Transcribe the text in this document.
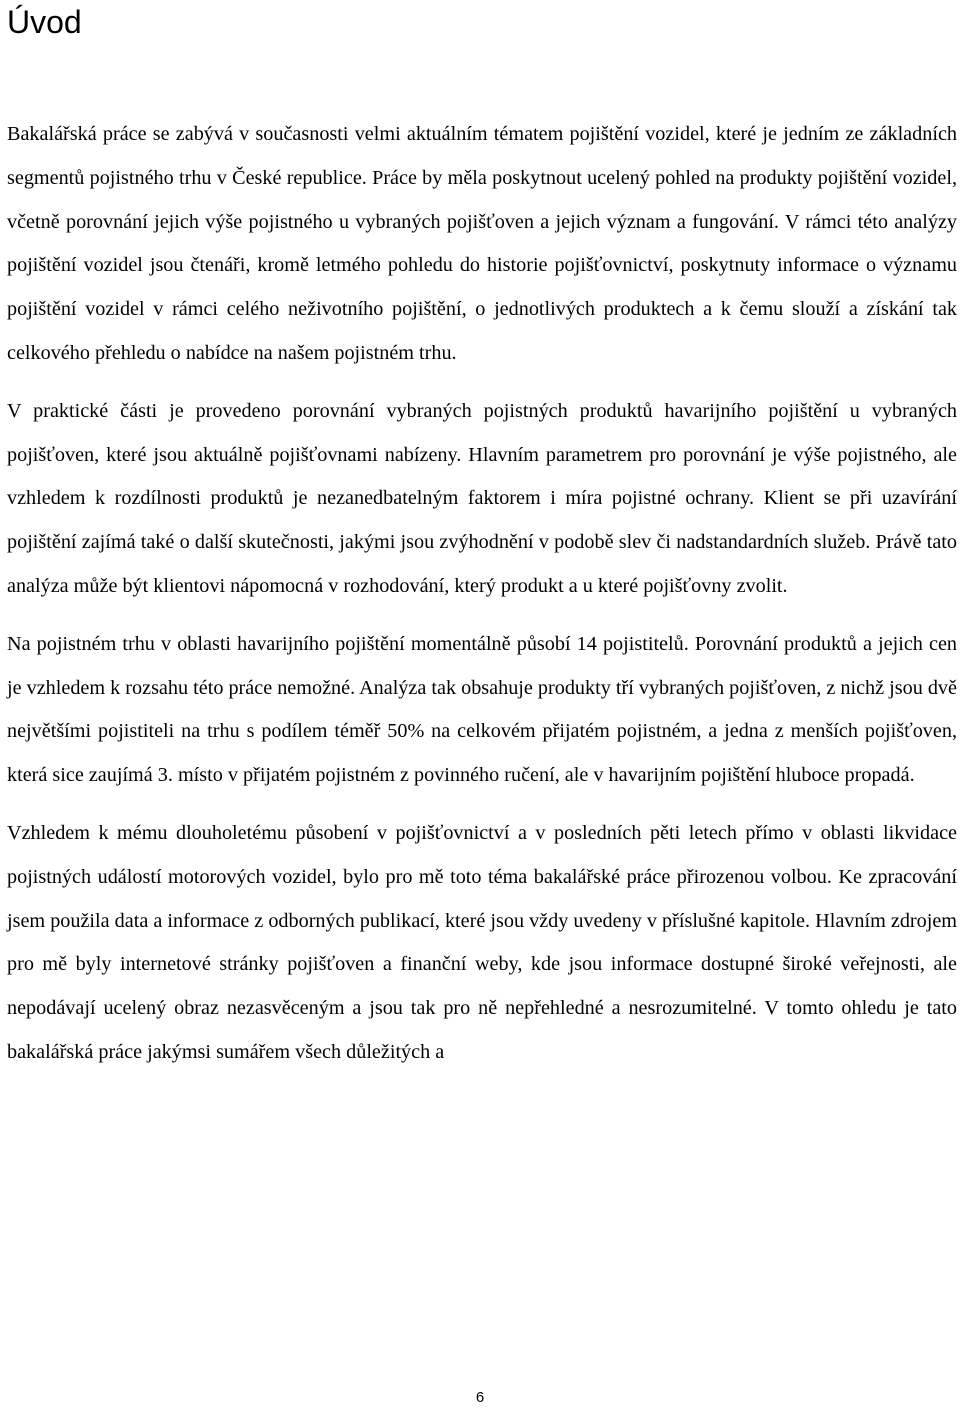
Úvod

Bakalářská práce se zabývá v současnosti velmi aktuálním tématem pojištění vozidel, které je jedním ze základních segmentů pojistného trhu v České republice. Práce by měla poskytnout ucelený pohled na produkty pojištění vozidel, včetně porovnání jejich výše pojistného u vybraných pojišťoven a jejich význam a fungování. V rámci této analýzy pojištění vozidel jsou čtenáři, kromě letmého pohledu do historie pojišťovnictví, poskytnuty informace o významu pojištění vozidel v rámci celého neživotního pojištění, o jednotlivých produktech a k čemu slouží a získání tak celkového přehledu o nabídce na našem pojistném trhu.

V praktické části je provedeno porovnání vybraných pojistných produktů havarijního pojištění u vybraných pojišťoven, které jsou aktuálně pojišťovnami nabízeny. Hlavním parametrem pro porovnání je výše pojistného, ale vzhledem k rozdílnosti produktů je nezanedbatelným faktorem i míra pojistné ochrany. Klient se při uzavírání pojištění zajímá také o další skutečnosti, jakými jsou zvýhodnění v podobě slev či nadstandardních služeb. Právě tato analýza může být klientovi nápomocná v rozhodování, který produkt a u které pojišťovny zvolit.

Na pojistném trhu v oblasti havarijního pojištění momentálně působí 14 pojistitelů. Porovnání produktů a jejich cen je vzhledem k rozsahu této práce nemožné. Analýza tak obsahuje produkty tří vybraných pojišťoven, z nichž jsou dvě největšími pojistiteli na trhu s podílem téměř 50% na celkovém přijatém pojistném, a jedna z menších pojišťoven, která sice zaujímá 3. místo v přijatém pojistném z povinného ručení, ale v havarijním pojištění hluboce propadá.

Vzhledem k mému dlouholetému působení v pojišťovnictví a v posledních pěti letech přímo v oblasti likvidace pojistných událostí motorových vozidel, bylo pro mě toto téma bakalářské práce přirozenou volbou. Ke zpracování jsem použila data a informace z odborných publikací, které jsou vždy uvedeny v příslušné kapitole. Hlavním zdrojem pro mě byly internetové stránky pojišťoven a finanční weby, kde jsou informace dostupné široké veřejnosti, ale nepodávají ucelený obraz nezasvěceným a jsou tak pro ně nepřehledné a nesrozumitelné. V tomto ohledu je tato bakalářská práce jakýmsi sumářem všech důležitých a

6
